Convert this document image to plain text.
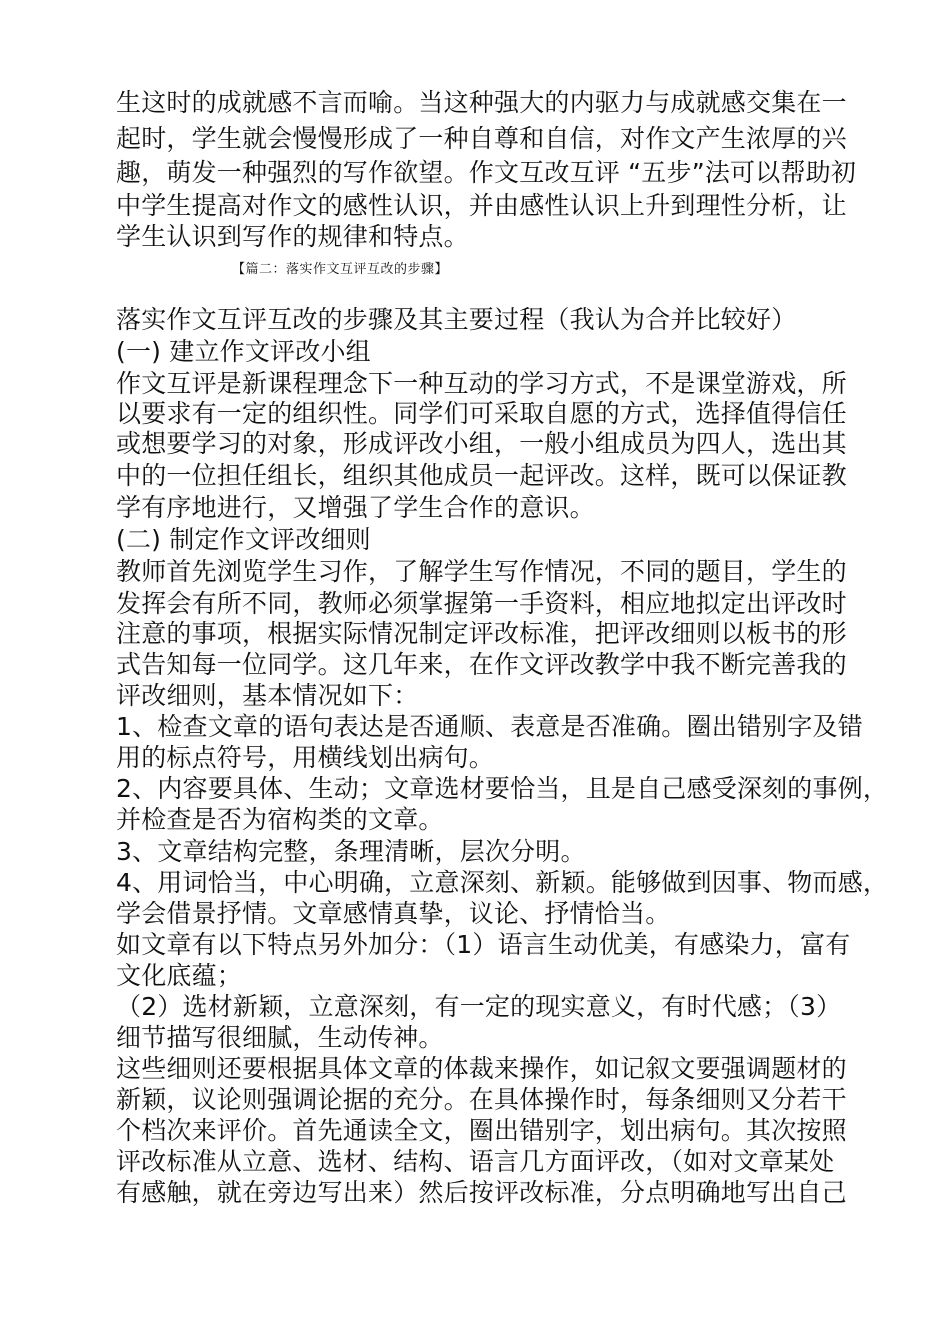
生这时的成就感不言而喻。当这种强大的内驱力与成就感交集在一
起时，学生就会慢慢形成了一种自尊和自信，对作文产生浓厚的兴
趣，萌发一种强烈的写作欲望。作文互改互评 “五步”法可以帮助初
中学生提高对作文的感性认识，并由感性认识上升到理性分析，让
学生认识到写作的规律和特点。
【篇二：落实作文互评互改的步骤】
落实作文互评互改的步骤及其主要过程（我认为合并比较好）
(一) 建立作文评改小组
作文互评是新课程理念下一种互动的学习方式，不是课堂游戏，所
以要求有一定的组织性。同学们可采取自愿的方式，选择值得信任
或想要学习的对象，形成评改小组，一般小组成员为四人，选出其
中的一位担任组长，组织其他成员一起评改。这样，既可以保证教
学有序地进行，又增强了学生合作的意识。
(二) 制定作文评改细则
教师首先浏览学生习作，了解学生写作情况，不同的题目，学生的
发挥会有所不同，教师必须掌握第一手资料，相应地拟定出评改时
注意的事项，根据实际情况制定评改标准，把评改细则以板书的形
式告知每一位同学。这几年来，在作文评改教学中我不断完善我的
评改细则，基本情况如下：
1、检查文章的语句表达是否通顺、表意是否准确。圈出错别字及错
用的标点符号，用横线划出病句。
2、内容要具体、生动；文章选材要恰当，且是自己感受深刻的事例，
并检查是否为宿构类的文章。
3、文章结构完整，条理清晰，层次分明。
4、用词恰当，中心明确，立意深刻、新颖。能够做到因事、物而感，
学会借景抒情。文章感情真挚，议论、抒情恰当。
如文章有以下特点另外加分：（1）语言生动优美，有感染力，富有
文化底蕴；
（2）选材新颖，立意深刻，有一定的现实意义，有时代感；（3）
细节描写很细腻，生动传神。
这些细则还要根据具体文章的体裁来操作，如记叙文要强调题材的
新颖，议论则强调论据的充分。在具体操作时，每条细则又分若干
个档次来评价。首先通读全文，圈出错别字，划出病句。其次按照
评改标准从立意、选材、结构、语言几方面评改，（如对文章某处
有感触，就在旁边写出来）然后按评改标准，分点明确地写出自己
